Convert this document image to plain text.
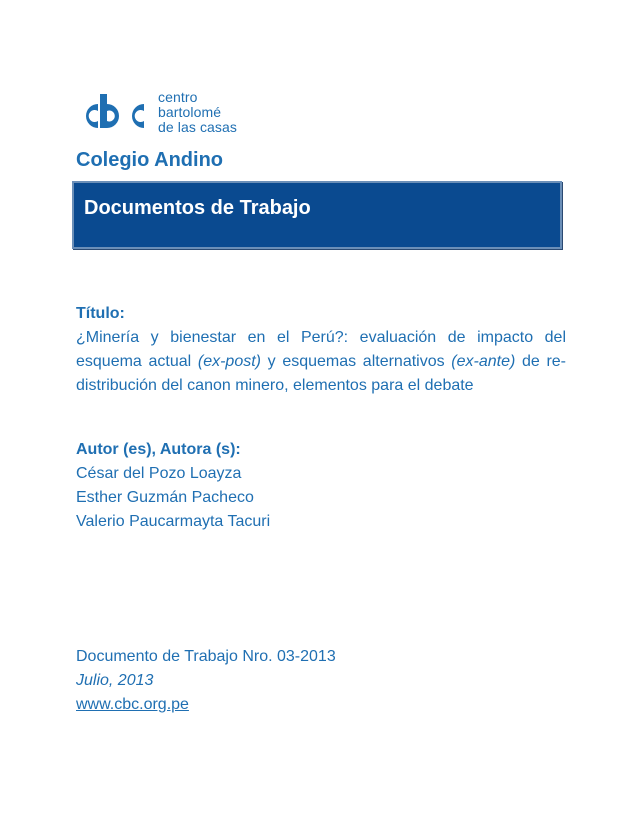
centro
bartolomé
de las casas
Colegio Andino
Documentos de Trabajo
Título:
¿Minería y bienestar en el Perú?: evaluación de impacto del esquema actual (ex-post) y esquemas alternativos (ex-ante) de re-distribución del canon minero, elementos para el debate
Autor (es), Autora (s):
César del Pozo Loayza
Esther Guzmán Pacheco
Valerio Paucarmayta Tacuri
Documento de Trabajo Nro. 03-2013
Julio, 2013
www.cbc.org.pe
